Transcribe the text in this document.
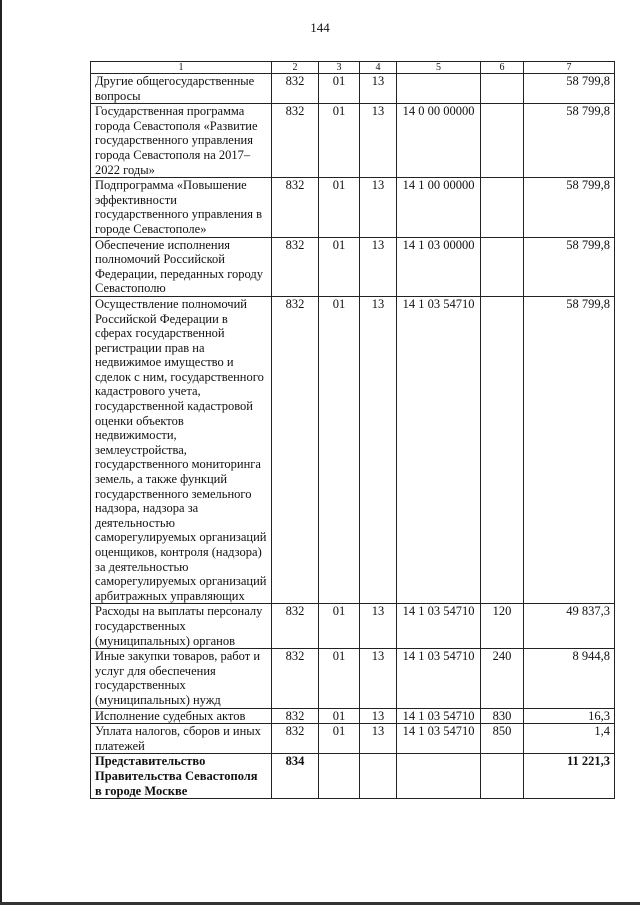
144
1	2	3	4	5	6	7
Другие общегосударственные вопросы	832	01	13			58 799,8
Государственная программа города Севастополя «Развитие государственного управления города Севастополя на 2017–2022 годы»	832	01	13	14 0 00 00000		58 799,8
Подпрограмма «Повышение эффективности государственного управления в городе Севастополе»	832	01	13	14 1 00 00000		58 799,8
Обеспечение исполнения полномочий Российской Федерации, переданных городу Севастополю	832	01	13	14 1 03 00000		58 799,8
Осуществление полномочий Российской Федерации в сферах государственной регистрации прав на недвижимое имущество и сделок с ним, государственного кадастрового учета, государственной кадастровой оценки объектов недвижимости, землеустройства, государственного мониторинга земель, а также функций государственного земельного надзора, надзора за деятельностью саморегулируемых организаций оценщиков, контроля (надзора) за деятельностью саморегулируемых организаций арбитражных управляющих	832	01	13	14 1 03 54710		58 799,8
Расходы на выплаты персоналу государственных (муниципальных) органов	832	01	13	14 1 03 54710	120	49 837,3
Иные закупки товаров, работ и услуг для обеспечения государственных (муниципальных) нужд	832	01	13	14 1 03 54710	240	8 944,8
Исполнение судебных актов	832	01	13	14 1 03 54710	830	16,3
Уплата налогов, сборов и иных платежей	832	01	13	14 1 03 54710	850	1,4
Представительство Правительства Севастополя в городе Москве	834					11 221,3
